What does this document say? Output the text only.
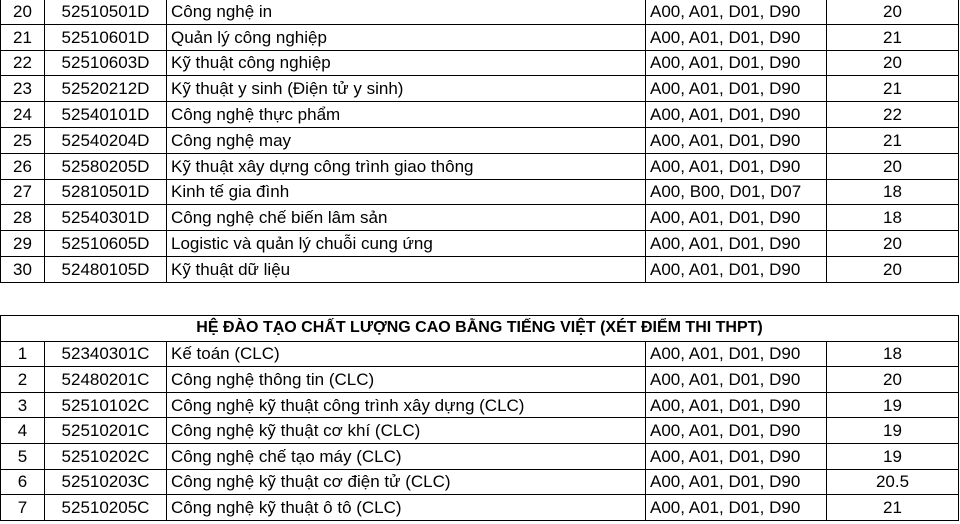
20	52510501D	Công nghệ in	A00, A01, D01, D90	20
21	52510601D	Quản lý công nghiệp	A00, A01, D01, D90	21
22	52510603D	Kỹ thuật công nghiệp	A00, A01, D01, D90	20
23	52520212D	Kỹ thuật y sinh (Điện tử y sinh)	A00, A01, D01, D90	21
24	52540101D	Công nghệ thực phẩm	A00, A01, D01, D90	22
25	52540204D	Công nghệ may	A00, A01, D01, D90	21
26	52580205D	Kỹ thuật xây dựng công trình giao thông	A00, A01, D01, D90	20
27	52810501D	Kinh tế gia đình	A00, B00, D01, D07	18
28	52540301D	Công nghệ chế biến lâm sản	A00, A01, D01, D90	18
29	52510605D	Logistic và quản lý chuỗi cung ứng	A00, A01, D01, D90	20
30	52480105D	Kỹ thuật dữ liệu	A00, A01, D01, D90	20
HỆ ĐÀO TẠO CHẤT LƯỢNG CAO BẰNG TIẾNG VIỆT (XÉT ĐIỂM THI THPT)				
1	52340301C	Kế toán (CLC)	A00, A01, D01, D90	18
2	52480201C	Công nghệ thông tin (CLC)	A00, A01, D01, D90	20
3	52510102C	Công nghệ kỹ thuật công trình xây dựng (CLC)	A00, A01, D01, D90	19
4	52510201C	Công nghệ kỹ thuật cơ khí (CLC)	A00, A01, D01, D90	19
5	52510202C	Công nghệ chế tạo máy (CLC)	A00, A01, D01, D90	19
6	52510203C	Công nghệ kỹ thuật cơ điện tử (CLC)	A00, A01, D01, D90	20.5
7	52510205C	Công nghệ kỹ thuật ô tô (CLC)	A00, A01, D01, D90	21
